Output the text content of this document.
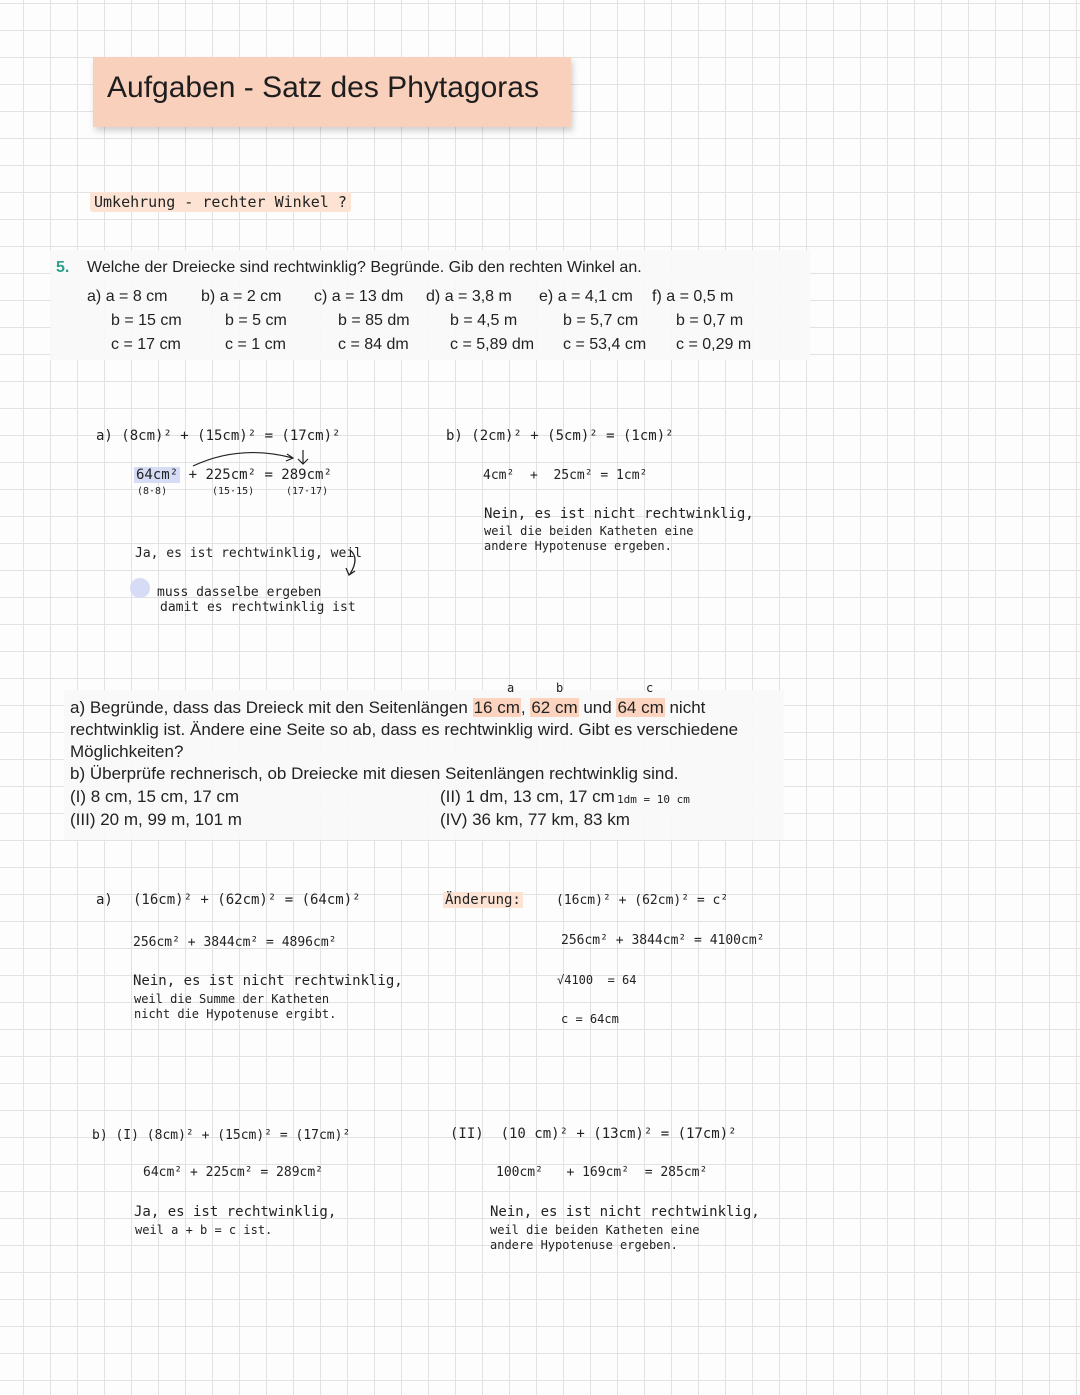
Aufgaben - Satz des Phytagoras
Umkehrung - rechter Winkel ?
5. Welche der Dreiecke sind rechtwinklig? Begründe. Gib den rechten Winkel an.
a) a = 8 cm
b = 15 cm
c = 17 cm
b) a = 2 cm
b = 5 cm
c = 1 cm
c) a = 13 dm
b = 85 dm
c = 84 dm
d) a = 3,8 m
b = 4,5 m
c = 5,89 dm
e) a = 4,1 cm
b = 5,7 cm
c = 53,4 cm
f) a = 0,5 m
b = 0,7 m
c = 0,29 m
a) (8cm)² + (15cm)² = (17cm)²
64cm² + 225cm² = 289cm²
(8·8)	(15·15)	(17·17)
Ja, es ist rechtwinklig, weil
muss dasselbe ergeben
damit es rechtwinklig ist
b) (2cm)² + (5cm)² = (1cm)²
4cm²  +  25cm² = 1cm²
Nein, es ist nicht rechtwinklig,
weil die beiden Katheten eine
andere Hypotenuse ergeben.
a	b	c
a) Begründe, dass das Dreieck mit den Seitenlängen 16 cm, 62 cm und 64 cm nicht
rechtwinklig ist. Ändere eine Seite so ab, dass es rechtwinklig wird. Gibt es verschiedene
Möglichkeiten?
b) Überprüfe rechnerisch, ob Dreiecke mit diesen Seitenlängen rechtwinklig sind.
(I) 8 cm, 15 cm, 17 cm	(II) 1 dm, 13 cm, 17 cm 1dm = 10 cm
(III) 20 m, 99 m, 101 m	(IV) 36 km, 77 km, 83 km
a) (16cm)² + (62cm)² = (64cm)²
256cm² + 3844cm² = 4896cm²
Nein, es ist nicht rechtwinklig,
weil die Summe der Katheten
nicht die Hypotenuse ergibt.
Änderung:	(16cm)² + (62cm)² = c²
256cm² + 3844cm² = 4100cm²
√4100  = 64
c = 64cm
b) (I) (8cm)² + (15cm)² = (17cm)²
64cm² + 225cm² = 289cm²
Ja, es ist rechtwinklig,
weil a + b = c ist.
(II)  (10 cm)² + (13cm)² = (17cm)²
100cm²   + 169cm²  = 285cm²
Nein, es ist nicht rechtwinklig,
weil die beiden Katheten eine
andere Hypotenuse ergeben.
